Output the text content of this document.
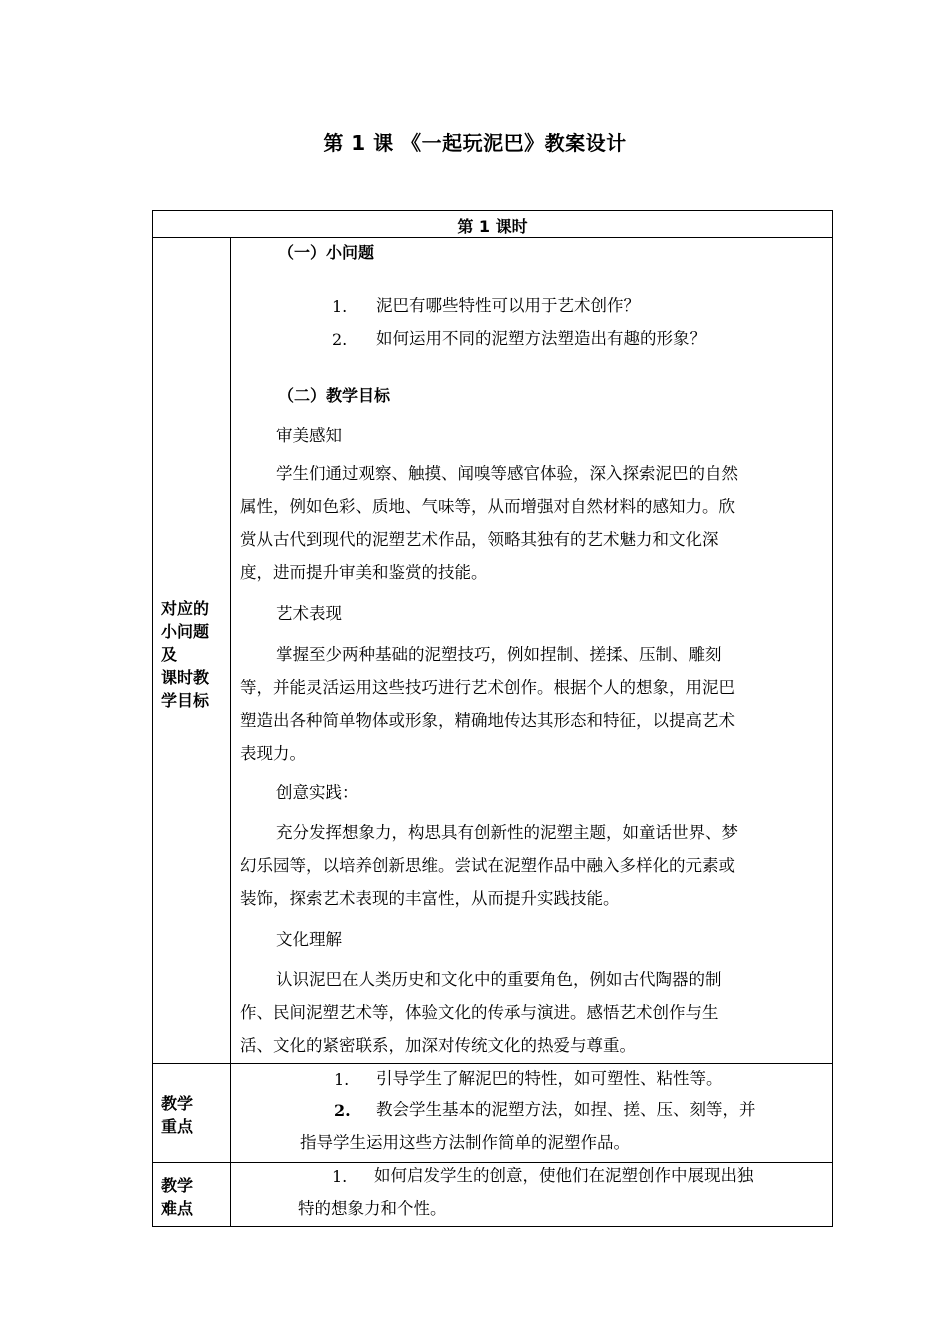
第 1 课 《一起玩泥巴》教案设计
第 1 课时
对应的
小问题
及
课时教
学目标
（一）小问题
1. 泥巴有哪些特性可以用于艺术创作？
2. 如何运用不同的泥塑方法塑造出有趣的形象？
（二）教学目标
审美感知
学生们通过观察、触摸、闻嗅等感官体验，深入探索泥巴的自然
属性，例如色彩、质地、气味等，从而增强对自然材料的感知力。欣
赏从古代到现代的泥塑艺术作品，领略其独有的艺术魅力和文化深
度，进而提升审美和鉴赏的技能。
艺术表现
掌握至少两种基础的泥塑技巧，例如捏制、搓揉、压制、雕刻
等，并能灵活运用这些技巧进行艺术创作。根据个人的想象，用泥巴
塑造出各种简单物体或形象，精确地传达其形态和特征，以提高艺术
表现力。
创意实践：
充分发挥想象力，构思具有创新性的泥塑主题，如童话世界、梦
幻乐园等，以培养创新思维。尝试在泥塑作品中融入多样化的元素或
装饰，探索艺术表现的丰富性，从而提升实践技能。
文化理解
认识泥巴在人类历史和文化中的重要角色，例如古代陶器的制
作、民间泥塑艺术等，体验文化的传承与演进。感悟艺术创作与生
活、文化的紧密联系，加深对传统文化的热爱与尊重。
教学
重点
1. 引导学生了解泥巴的特性，如可塑性、粘性等。
2. 教会学生基本的泥塑方法，如捏、搓、压、刻等，并
指导学生运用这些方法制作简单的泥塑作品。
教学
难点
1. 如何启发学生的创意，使他们在泥塑创作中展现出独
特的想象力和个性。
